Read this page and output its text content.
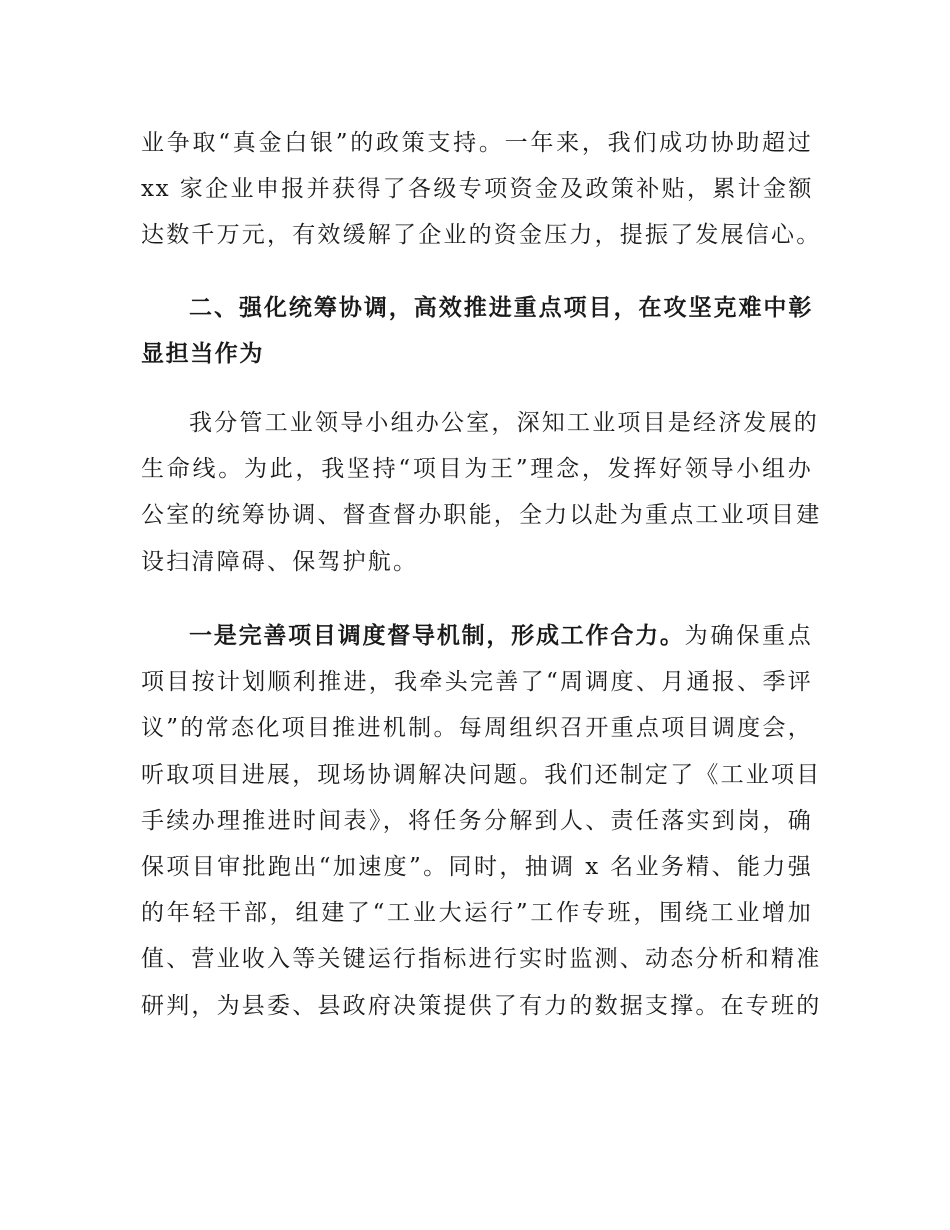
业争取“真金白银”的政策支持。一年来，我们成功协助超过
xx 家企业申报并获得了各级专项资金及政策补贴，累计金额
达数千万元，有效缓解了企业的资金压力，提振了发展信心。
二、强化统筹协调，高效推进重点项目，在攻坚克难中彰
显担当作为
我分管工业领导小组办公室，深知工业项目是经济发展的
生命线。为此，我坚持“项目为王”理念，发挥好领导小组办
公室的统筹协调、督查督办职能，全力以赴为重点工业项目建
设扫清障碍、保驾护航。
一是完善项目调度督导机制，形成工作合力。为确保重点
项目按计划顺利推进，我牵头完善了“周调度、月通报、季评
议”的常态化项目推进机制。每周组织召开重点项目调度会，
听取项目进展，现场协调解决问题。我们还制定了《工业项目
手续办理推进时间表》，将任务分解到人、责任落实到岗，确
保项目审批跑出“加速度”。同时，抽调 x 名业务精、能力强
的年轻干部，组建了“工业大运行”工作专班，围绕工业增加
值、营业收入等关键运行指标进行实时监测、动态分析和精准
研判，为县委、县政府决策提供了有力的数据支撑。在专班的
